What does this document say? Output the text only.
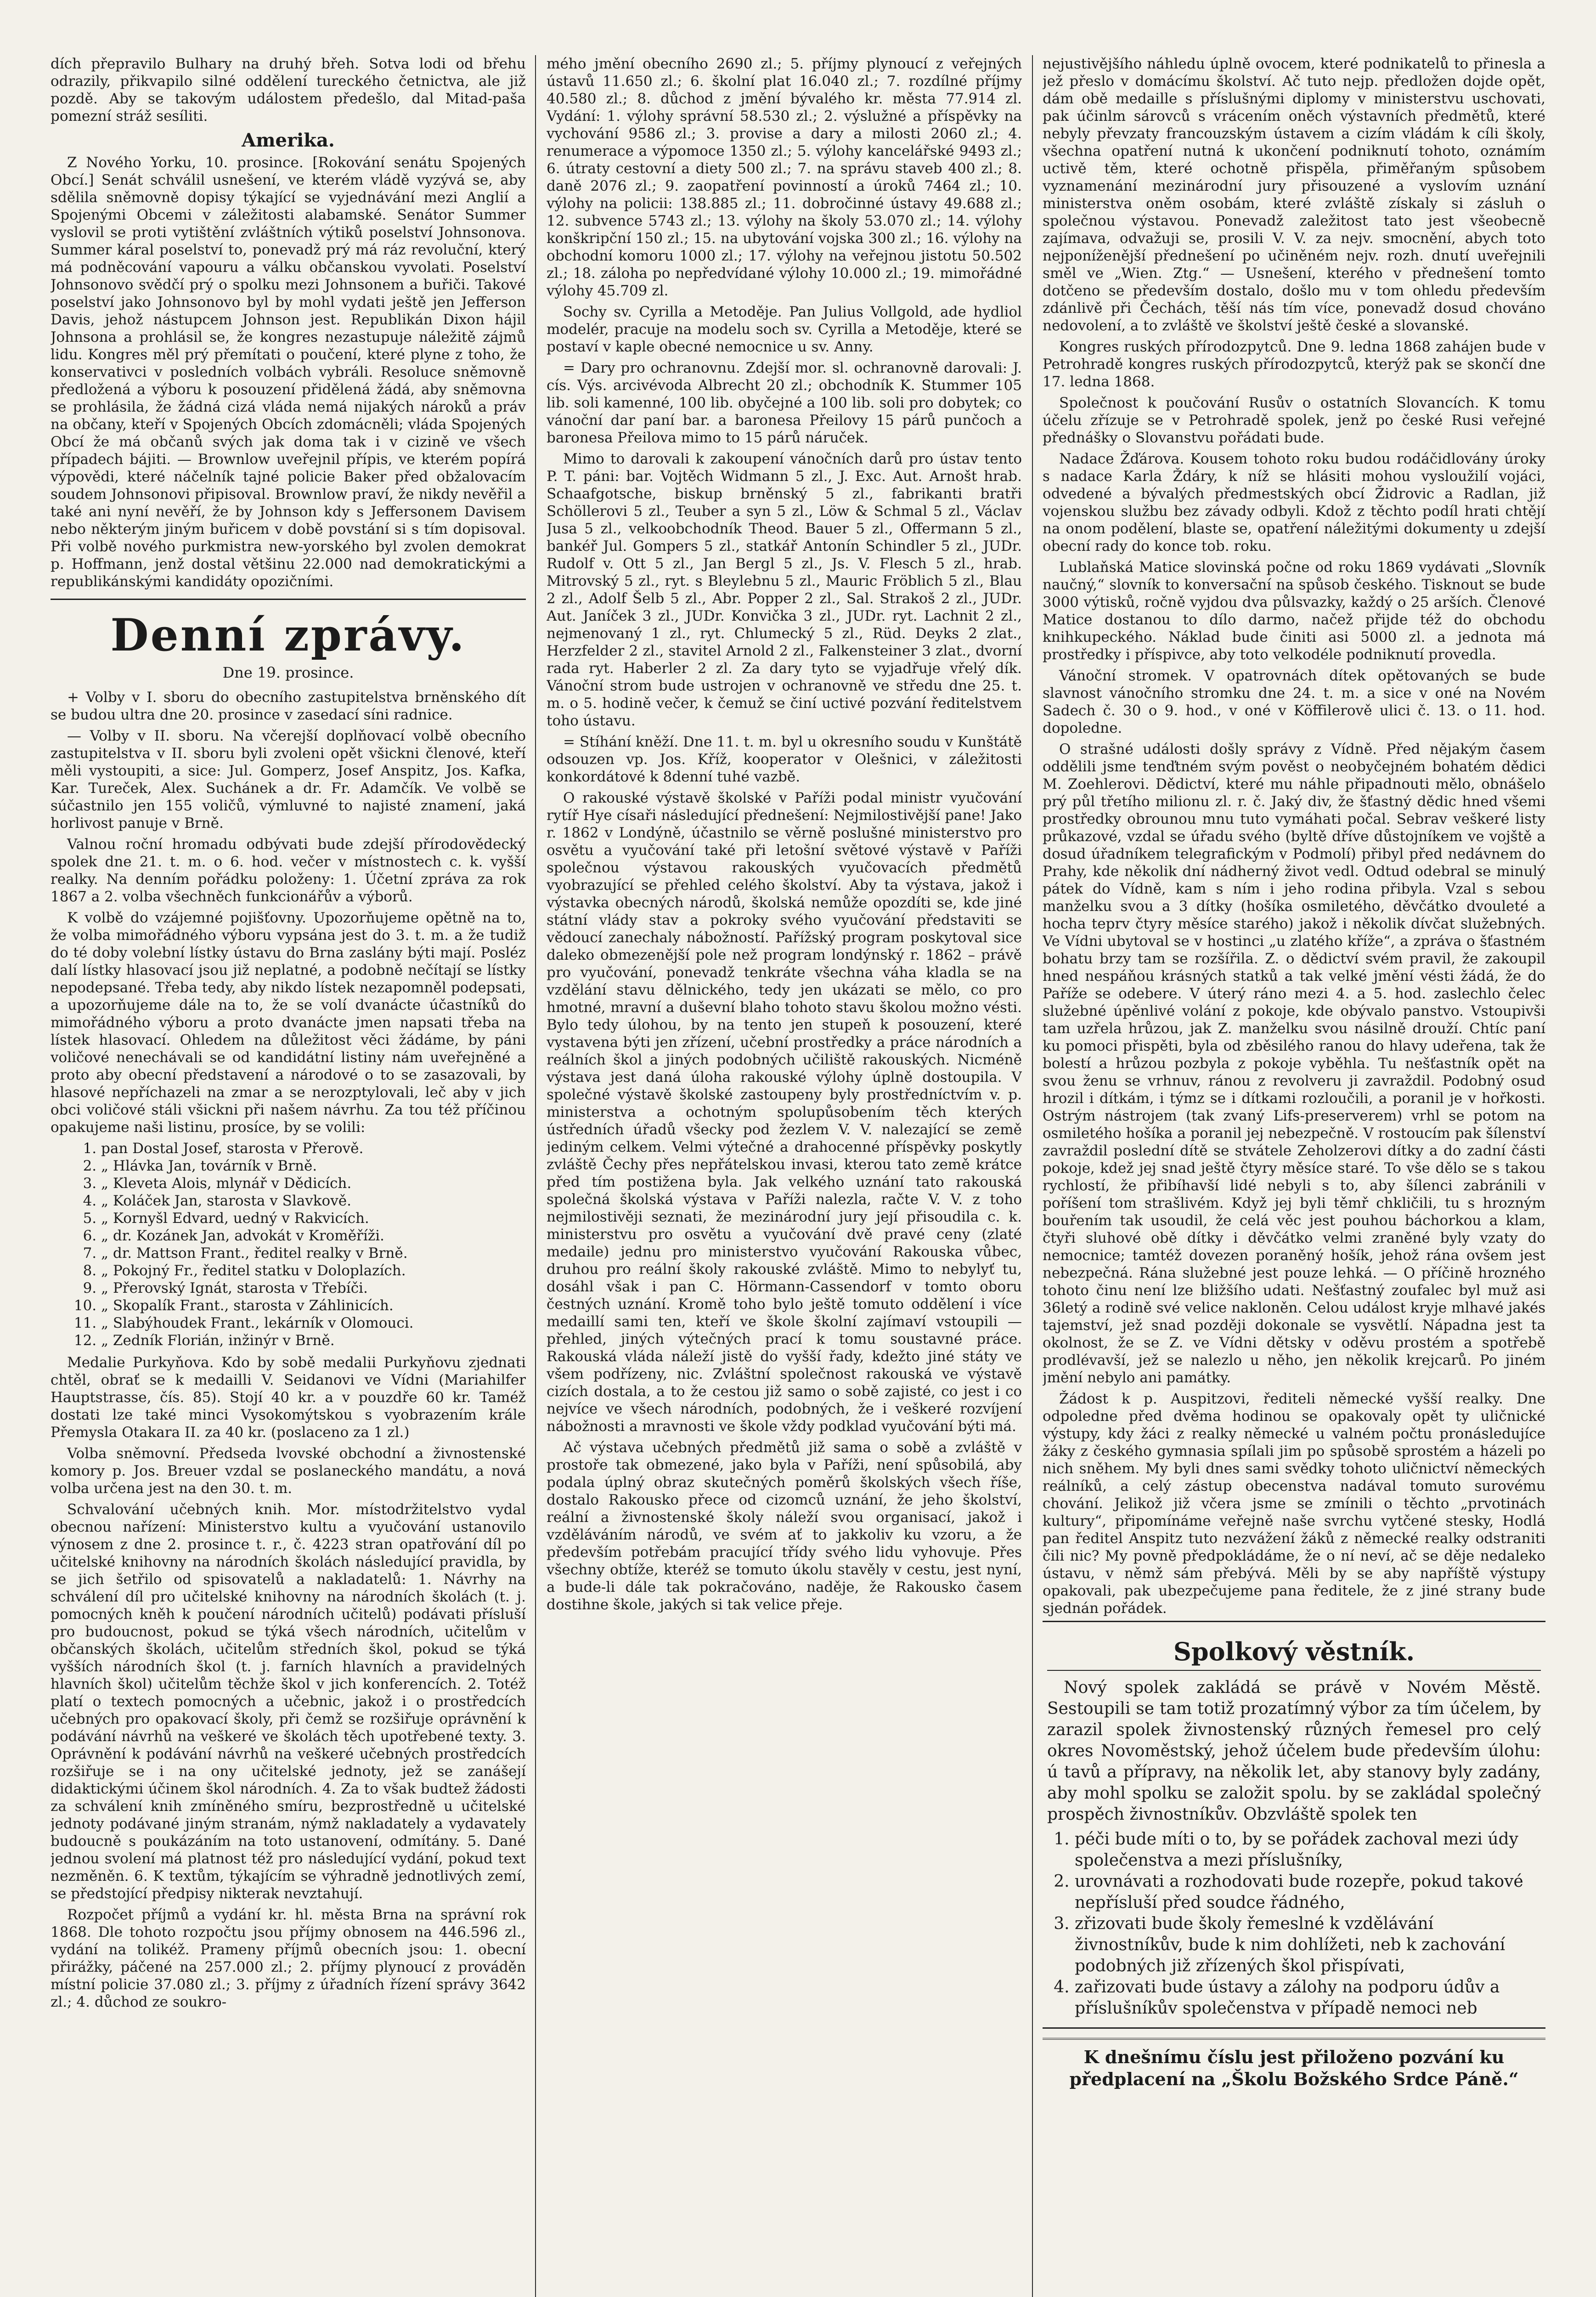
dích přepravilo Bulhary na druhý břeh. Sotva lodi od břehu odrazily, přikvapilo silné oddělení tureckého četnictva, ale již pozdě. Aby se takovým událostem předešlo, dal Mitad-paša pomezní stráž sesíliti.

Amerika.

Z Nového Yorku, 10. prosince. [Rokování senátu Spojených Obcí.] Senát schválil usnešení, ve kterém vládě vyzývá se, aby sdělila sněmovně dopisy týkající se vyjednávání mezi Anglií a Spojenými Obcemi v záležitosti alabamské. Senátor Summer vyslovil se proti vytištění zvláštních výtiků poselství Johnsonova. Summer káral poselství to, ponevadž prý má ráz revoluční, který má podněcování vapouru a válku občanskou vyvolati. Poselství Johnsonovo svědčí prý o spolku mezi Johnsonem a buřiči. Takové poselství jako Johnsonovo byl by mohl vydati ještě jen Jefferson Davis, jehož nástupcem Johnson jest. Republikán Dixon hájil Johnsona a prohlásil se, že kongres nezastupuje náležitě zájmů lidu. Kongres měl prý přemítati o poučení, které plyne z toho, že konservativci v posledních volbách vybráli. Resoluce sněmovně předložená a výboru k posouzení přidělená žádá, aby sněmovna se prohlásila, že žádná cizá vláda nemá nijakých nároků a práv na občany, kteří v Spojených Obcích zdomácněli; vláda Spojených Obcí že má občanů svých jak doma tak i v cizině ve všech případech bájiti. — Brownlow uveřejnil přípis, ve kterém popírá výpovědi, které náčelník tajné policie Baker před obžalovacím soudem Johnsonovi připisoval. Brownlow praví, že nikdy nevěřil a také ani nyní nevěří, že by Johnson kdy s Jeffersonem Davisem nebo některým jiným buřicem v době povstání si s tím dopisoval. Při volbě nového purkmistra new-yorského byl zvolen demokrat p. Hoffmann, jenž dostal většinu 22.000 nad demokratickými a republikánskými kandidáty opozičními.

Denní zprávy.
Dne 19. prosince.

+ Volby v I. sboru do obecního zastupitelstva brněnského dít se budou ultra dne 20. prosince v zasedací síni radnice.

— Volby v II. sboru. Na včerejší doplňovací volbě obecního zastupitelstva v II. sboru byli zvoleni opět všickni členové, kteří měli vystoupiti, a sice: Jul. Gomperz, Josef Anspitz, Jos. Kafka, Kar. Tureček, Alex. Suchánek a dr. Fr. Adamčík. Ve volbě se súčastnilo jen 155 voličů, výmluvné to najisté znamení, jaká horlivost panuje v Brně.

Valnou roční hromadu odbývati bude zdejší přírodovědecký spolek dne 21. t. m. o 6. hod. večer v místnostech c. k. vyšší realky. Na denním pořádku položeny: 1. Účetní zpráva za rok 1867 a 2. volba všechněch funkcionářův a výborů.

K volbě do vzájemné pojišťovny. Upozorňujeme opětně na to, že volba mimořádného výboru vypsána jest do 3. t. m. a že tudiž do té doby volební lístky ústavu do Brna zaslány býti mají. Posléz dalí lístky hlasovací jsou již neplatné, a podobně nečítají se lístky nepodepsané. Třeba tedy, aby nikdo lístek nezapomněl podepsati, a upozorňujeme dále na to, že se volí dvanácte účastníků do mimořádného výboru a proto dvanácte jmen napsati třeba na lístek hlasovací. Ohledem na důležitost věci žádáme, by páni voličové nenechávali se od kandidátní listiny nám uveřejněné a proto aby obecní představení a národové o to se zasazovali, by hlasové nepříchazeli na zmar a se nerozptylovali, leč aby v jich obci voličové stáli všickni při našem návrhu. Za tou též příčinou opakujeme naši listinu, prosíce, by se volili:

1. pan Dostal Josef, starosta v Přerově.
2. „ Hlávka Jan, továrník v Brně.
3. „ Kleveta Alois, mlynář v Dědicích.
4. „ Koláček Jan, starosta v Slavkově.
5. „ Kornyšl Edvard, uedný v Rakvicích.
6. „ dr. Kozánek Jan, advokát v Kroměříži.
7. „ dr. Mattson Frant., ředitel realky v Brně.
8. „ Pokojný Fr., ředitel statku v Doloplazích.
9. „ Přerovský Ignát, starosta v Třebíči.
10. „ Skopalík Frant., starosta v Záhlinicích.
11. „ Slabýhoudek Frant., lekárník v Olomouci.
12. „ Zedník Florián, inžinýr v Brně.

Medalie Purkyňova. Kdo by sobě medalii Purkyňovu zjednati chtěl, obrať se k medailli V. Seidanovi ve Vídni (Mariahilfer Hauptstrasse, čís. 85). Stojí 40 kr. a v pouzdře 60 kr. Taméž dostati lze také minci Vysokomýtskou s vyobrazením krále Přemysla Otakara II. za 40 kr. (poslaceno za 1 zl.)

Volba sněmovní. Předseda lvovské obchodní a živnostenské komory p. Jos. Breuer vzdal se poslaneckého mandátu, a nová volba určena jest na den 30. t. m.

Schvalování učebných knih. Mor. místodržitelstvo vydal obecnou nařízení: Ministerstvo kultu a vyučování ustanovilo výnosem z dne 2. prosince t. r., č. 4223 stran opatřování díl po učitelské knihovny na národních školách následující pravidla, by se jich šetřilo od spisovatelů a nakladatelů: 1. Návrhy na schválení díl pro učitelské knihovny na národních školách (t. j. pomocných kněh k poučení národních učitelů) podávati přísluší pro budoucnost, pokud se týká všech národních, učitelům v občanských školách, učitelům středních škol, pokud se týká vyšších národních škol (t. j. farních hlavních a pravidelných hlavních škol) učitelům těchže škol v jich konferencích. 2. Totéž platí o textech pomocných a učebnic, jakož i o prostředcích učebných pro opakovací školy, při čemž se rozšiřuje oprávnění k podávání návrhů na veškeré ve školách těch upotřebené texty. 3. Oprávnění k podávání návrhů na veškeré učebných prostředcích rozšiřuje se i na ony učitelské jednoty, jež se zanášejí didaktickými účinem škol národních. 4. Za to však budtež žádosti za schválení knih zmíněného smíru, bezprostředně u učitelské jednoty podávané jiným stranám, nýmž nakladately a vydavately budoucně s poukázáním na toto ustanovení, odmítány. 5. Dané jednou svolení má platnost též pro následující vydání, pokud text nezměněn. 6. K textům, týkajícím se výhradně jednotlivých zemí, se předstojící předpisy nikterak nevztahují.

Rozpočet příjmů a vydání kr. hl. města Brna na správní rok 1868. Dle tohoto rozpočtu jsou příjmy obnosem na 446.596 zl., vydání na tolikéž. Prameny příjmů obecních jsou: 1. obecní přirážky, páčené na 257.000 zl.; 2. příjmy plynoucí z prováděn místní policie 37.080 zl.; 3. příjmy z úřadních řízení správy 3642 zl.; 4. důchod ze soukro-

mého jmění obecního 2690 zl.; 5. příjmy plynoucí z veřejných ústavů 11.650 zl.; 6. školní plat 16.040 zl.; 7. rozdílné příjmy 40.580 zl.; 8. důchod z jmění bývalého kr. města 77.914 zl. Vydání: 1. výlohy správní 58.530 zl.; 2. výslužné a příspěvky na vychování 9586 zl.; 3. provise a dary a milosti 2060 zl.; 4. renumerace a výpomoce 1350 zl.; 5. výlohy kancelářské 9493 zl.; 6. útraty cestovní a diety 500 zl.; 7. na správu staveb 400 zl.; 8. daně 2076 zl.; 9. zaopatření povinností a úroků 7464 zl.; 10. výlohy na policii: 138.885 zl.; 11. dobročinné ústavy 49.688 zl.; 12. subvence 5743 zl.; 13. výlohy na školy 53.070 zl.; 14. výlohy konškripční 150 zl.; 15. na ubytování vojska 300 zl.; 16. výlohy na obchodní komoru 1000 zl.; 17. výlohy na veřejnou jistotu 50.502 zl.; 18. záloha po nepředvídané výlohy 10.000 zl.; 19. mimořádné výlohy 45.709 zl.

Sochy sv. Cyrilla a Metoděje. Pan Julius Vollgold, ade hydliol modelér, pracuje na modelu soch sv. Cyrilla a Metoděje, které se postaví v kaple obecné nemocnice u sv. Anny.

= Dary pro ochranovnu. Zdejší mor. sl. ochranovně darovali: J. cís. Výs. arcivévoda Albrecht 20 zl.; obchodník K. Stummer 105 lib. soli kamenné, 100 lib. obyčejné a 100 lib. soli pro dobytek; co vánoční dar paní bar. a baronesa Přeilovy 15 párů punčoch a baronesa Přeilova mimo to 15 párů náruček.

Mimo to darovali k zakoupení vánočních darů pro ústav tento P. T. páni: bar. Vojtěch Widmann 5 zl., J. Exc. Aut. Arnošt hrab. Schaafgotsche, biskup brněnský 5 zl., fabrikanti bratři Schöllerovi 5 zl., Teuber a syn 5 zl., Löw & Schmal 5 zl., Václav Jusa 5 zl., velkoobchodník Theod. Bauer 5 zl., Offermann 5 zl., bankéř Jul. Gompers 5 zl., statkář Antonín Schindler 5 zl., JUDr. Rudolf v. Ott 5 zl., Jan Bergl 5 zl., Js. V. Flesch 5 zl., hrab. Mitrovský 5 zl., ryt. s Bleylebnu 5 zl., Mauric Fröblich 5 zl., Blau 2 zl., Adolf Šelb 5 zl., Abr. Popper 2 zl., Sal. Strakoš 2 zl., JUDr. Aut. Janíček 3 zl., JUDr. Konvička 3 zl., JUDr. ryt. Lachnit 2 zl., nejmenovaný 1 zl., ryt. Chlumecký 5 zl., Rüd. Deyks 2 zlat., Herzfelder 2 zl., stavitel Arnold 2 zl., Falkensteiner 3 zlat., dvorní rada ryt. Haberler 2 zl. Za dary tyto se vyjadřuje vřelý dík. Vánoční strom bude ustrojen v ochranovně ve středu dne 25. t. m. o 5. hodině večer, k čemuž se činí uctivé pozvání ředitelstvem toho ústavu.

= Stíhání kněží. Dne 11. t. m. byl u okresního soudu v Kunštátě odsouzen vp. Jos. Kříž, kooperator v Olešnici, v záležitosti konkordátové k 8denní tuhé vazbě.

O rakouské výstavě školské v Paříži podal ministr vyučování rytíř Hye císaři následující přednešení: Nejmilostivější pane! Jako r. 1862 v Londýně, účastnilo se věrně poslušné ministerstvo pro osvětu a vyučování také při letošní světové výstavě v Paříži společnou výstavou rakouských vyučovacích předmětů vyobrazující se přehled celého školství. Aby ta výstava, jakož i výstavka obecných národů, školská nemůže opozdíti se, kde jiné státní vlády stav a pokroky svého vyučování představiti se vědoucí zanechaly nábožností. Pařížský program poskytoval sice daleko obmezenější pole než program londýnský r. 1862 – právě pro vyučování, ponevadž tenkráte všechna váha kladla se na vzdělání stavu dělnického, tedy jen ukázati se mělo, co pro hmotné, mravní a duševní blaho tohoto stavu školou možno vésti. Bylo tedy úlohou, by na tento jen stupeň k posouzení, které vystavena býti jen zřízení, učební prostředky a práce národních a reálních škol a jiných podobných učiliště rakouských. Nicméně výstava jest daná úloha rakouské výlohy úplně dostoupila. V společné výstavě školské zastoupeny byly prostředníctvím v. p. ministerstva a ochotným spolupůsobením těch kterých ústředních úřadů všecky pod žezlem V. V. nalezající se země jediným celkem. Velmi výtečné a drahocenné příspěvky poskytly zvláště Čechy přes nepřátelskou invasi, kterou tato země krátce před tím postižena byla. Jak velkého uznání tato rakouská společná školská výstava v Paříži nalezla, račte V. V. z toho nejmilostivěji seznati, že mezinárodní jury její přisoudila c. k. ministerstvu pro osvětu a vyučování dvě pravé ceny (zlaté medaile) jednu pro ministerstvo vyučování Rakouska vůbec, druhou pro reální školy rakouské zvláště. Mimo to nebylyť tu, dosáhl však i pan C. Hörmann-Cassendorf v tomto oboru čestných uznání. Kromě toho bylo ještě tomuto oddělení i více medaillí sami ten, kteří ve škole školní zajímaví vstoupili — přehled, jiných výtečných prací k tomu soustavné práce. Rakouská vláda náleží jistě do vyšší řady, kdežto jiné státy ve všem podřízeny, nic. Zvláštní společnost rakouská ve výstavě cizích dostala, a to že cestou již samo o sobě zajisté, co jest i co nejvíce ve všech národních, podobných, že i veškeré rozvíjení nábožnosti a mravnosti ve škole vždy podklad vyučování býti má.

Ač výstava učebných předmětů již sama o sobě a zvláště v prostoře tak obmezené, jako byla v Paříži, není spůsobilá, aby podala úplný obraz skutečných poměrů školských všech říše, dostalo Rakousko přece od cizomců uznání, že jeho školství, reální a živnostenské školy náleží svou organisací, jakož i vzděláváním národů, ve svém ať to jakkoliv ku vzoru, a že především potřebám pracující třídy svého lidu vyhovuje. Přes všechny obtíže, kteréž se tomuto úkolu stavěly v cestu, jest nyní, a bude-li dále tak pokračováno, naděje, že Rakousko časem dostihne škole, jakých si tak velice přeje.

nejustivějšího náhledu úplně ovocem, které podnikatelů to přinesla a jež přeslo v domácímu školství. Ač tuto nejp. předložen dojde opět, dám obě medaille s příslušnými diplomy v ministerstvu uschovati, pak účinlm sárovců s vrácením oněch výstavních předmětů, které nebyly převzaty francouzským ústavem a cizím vládám k cíli školy, všechna opatření nutná k ukončení podniknutí tohoto, oznámím uctivě těm, které ochotně přispěla, přiměřaným spůsobem vyznamenání mezinárodní jury přisouzené a vyslovím uznání ministerstva oněm osobám, které zvláště získaly si zásluh o společnou výstavou. Ponevadž zaležitost tato jest všeobecně zajímava, odvažuji se, prosili V. V. za nejv. smocnění, abych toto nejponíženější přednešení po učiněném nejv. rozh. dnutí uveřejnili směl ve „Wien. Ztg.“ — Usnešení, kterého v přednešení tomto dotčeno se především dostalo, došlo mu v tom ohledu především zdánlivě při Čechách, těší nás tím více, ponevadž dosud chováno nedovolení, a to zvláště ve školství ještě české a slovanské.

Kongres ruských přírodozpytců. Dne 9. ledna 1868 zahájen bude v Petrohradě kongres ruských přírodozpytců, kterýž pak se skončí dne 17. ledna 1868.

Společnost k poučování Rusův o ostatních Slovancích. K tomu účelu zřízuje se v Petrohradě spolek, jenž po české Rusi veřejné přednášky o Slovanstvu pořádati bude.

Nadace Žďárova. Kousem tohoto roku budou rodáčidlovány úroky s nadace Karla Ždáry, k níž se hlásiti mohou vysloužilí vojáci, odvedené a bývalých předmestských obcí Židrovic a Radlan, již vojenskou službu bez závady odbyli. Kdož z těchto podíl hrati chtějí na onom podělení, blaste se, opatření náležitými dokumenty u zdejší obecní rady do konce tob. roku.

Lublaňská Matice slovinská počne od roku 1869 vydávati „Slovník naučný,“ slovník to konversační na spůsob českého. Tisknout se bude 3000 výtisků, ročně vyjdou dva půlsvazky, každý o 25 arších. Členové Matice dostanou to dílo darmo, načež přijde též do obchodu knihkupeckého. Náklad bude činiti asi 5000 zl. a jednota má prostředky i příspivce, aby toto velkodéle podniknutí provedla.

Vánoční stromek. V opatrovnách dítek opětovaných se bude slavnost vánočního stromku dne 24. t. m. a sice v oné na Novém Sadech č. 30 o 9. hod., v oné v Köffilerově ulici č. 13. o 11. hod. dopoledne.

O strašné události došly správy z Vídně. Před nějakým časem oddělili jsme tenďtném svým pověst o neobyčejném bohatém dědici M. Zoehlerovi. Dědictví, které mu náhle připadnouti mělo, obnášelo prý půl třetího milionu zl. r. č. Jaký div, že šťastný dědic hned všemi prostředky obrounou mnu tuto vymáhati počal. Sebrav veškeré listy průkazové, vzdal se úřadu svého (byltě dříve důstojníkem ve vojště a dosud úřadníkem telegrafickým v Podmolí) přibyl před nedávnem do Prahy, kde několik dní nádherný život vedl. Odtud odebral se minulý pátek do Vídně, kam s ním i jeho rodina přibyla. Vzal s sebou manželku svou a 3 dítky (hošíka osmiletého, děvčátko dvouleté a hocha teprv čtyry měsíce starého) jakož i několik dívčat služebných. Ve Vídni ubytoval se v hostinci „u zlatého kříže“, a zpráva o šťastném bohatu brzy tam se rozšířila. Z. o dědictví svém pravil, že zakoupil hned nespáňou krásných statků a tak velké jmění vésti žádá, že do Paříže se odebere. V úterý ráno mezi 4. a 5. hod. zaslechlo čelec služebné úpěnlivé volání z pokoje, kde obývalo panstvo. Vstoupivši tam uzřela hrůzou, jak Z. manželku svou násilně drouží. Chtíc paní ku pomoci přispěti, byla od zběsilého ranou do hlavy udeřena, tak že bolestí a hrůzou pozbyla z pokoje vyběhla. Tu nešťastník opět na svou ženu se vrhnuv, ránou z revolveru ji zavraždil. Podobný osud hrozil i dítkám, i týmz se i dítkami rozloučili, a poranil je v hořkosti. Ostrým nástrojem (tak zvaný Lifs-preserverem) vrhl se potom na osmiletého hošíka a poranil jej nebezpečně. V rostoucím pak šílenství zavraždil poslední dítě se stvátele Zeholzerovi dítky a do zadní části pokoje, kdež jej snad ještě čtyry měsíce staré. To vše dělo se s takou rychlostí, že přibíhavší lidé nebyli s to, aby šílenci zabránili v poříšení tom strašlivém. Když jej byli těmř chkličili, tu s hrozným bouřením tak usoudil, že celá věc jest pouhou báchorkou a klam, čtyři sluhové obě dítky i děvčátko velmi zraněné byly vzaty do nemocnice; tamtéž dovezen poraněný hošík, jehož rána ovšem jest nebezpečná. Rána služebné jest pouze lehká. — O příčině hrozného tohoto činu není lze bližšího udati. Nešťastný zoufalec byl muž asi 36letý a rodině své velice nakloněn. Celou událost kryje mlhavé jakés tajemství, jež snad později dokonale se vysvětlí. Nápadna jest ta okolnost, že se Z. ve Vídni dětsky v oděvu prostém a spotřebě prodlévavší, jež se nalezlo u něho, jen několik krejcarů. Po jiném jmění nebylo ani památky.

Žádost k p. Auspitzovi, řediteli německé vyšší realky. Dne odpoledne před dvěma hodinou se opakovaly opět ty uličnické výstupy, kdy žáci z realky německé u valném počtu pronásledujíce žáky z českého gymnasia spílali jim po spůsobě sprostém a házeli po nich sněhem. My byli dnes sami svědky tohoto uličnictví německých reálníků, a celý zástup obecenstva nadával tomuto surovému chování. Jelikož již včera jsme se zmínili o těchto „prvotinách kultury“, připomínáme veřejně naše svrchu vytčené stesky, Hodlá pan ředitel Anspitz tuto nezvážení žáků z německé realky odstraniti čili nic? My povně předpokládáme, že o ní neví, ač se děje nedaleko ústavu, v němž sám přebývá. Měli by se aby napříště výstupy opakovali, pak ubezpečujeme pana ředitele, že z jiné strany bude sjednán pořádek.

Spolkový věstník.

Nový spolek zakládá se právě v Novém Městě. Sestoupili se tam totiž prozatímný výbor za tím účelem, by zarazil spolek živnostenský různých řemesel pro celý okres Novoměstský, jehož účelem bude především úlohu: ú tavů a přípravy, na několik let, aby stanovy byly zadány, aby mohl spolku se založit spolu. by se zakládal společný prospěch živnostníkův. Obzvláště spolek ten

1. péči bude míti o to, by se pořádek zachoval mezi údy společenstva a mezi příslušníky,
2. urovnávati a rozhodovati bude rozepře, pokud takové nepřísluší před soudce řádného,
3. zřizovati bude školy řemeslné k vzdělávání živnostníkův, bude k nim dohlížeti, neb k zachování podobných již zřízených škol přispívati,
4. zařizovati bude ústavy a zálohy na podporu údův a příslušníkův společenstva v případě nemoci neb

K dnešnímu číslu jest přiloženo pozvání ku předplacení na „Školu Božského Srdce Páně.“
